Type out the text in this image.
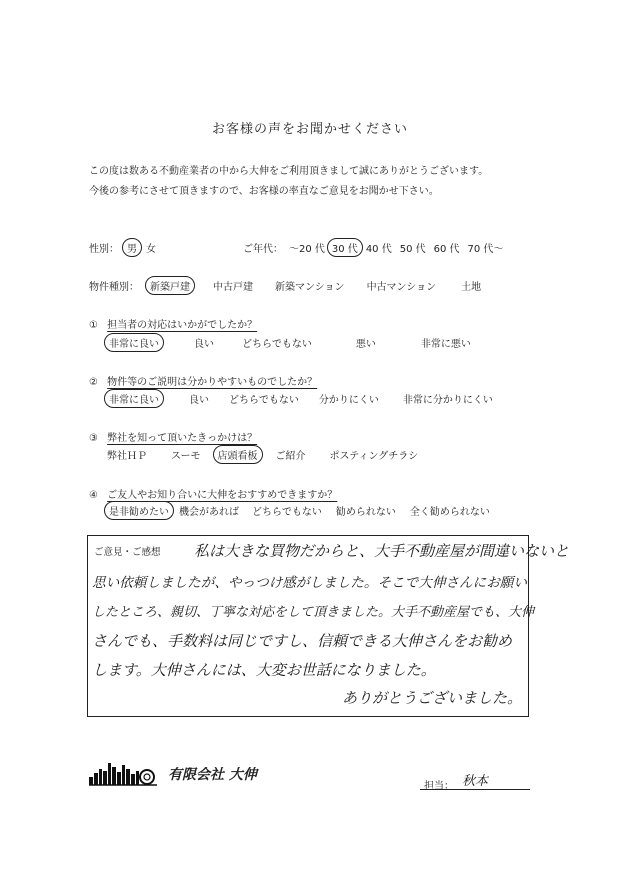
お客様の声をお聞かせください
この度は数ある不動産業者の中から大伸をご利用頂きまして誠にありがとうございます。
今後の参考にさせて頂きますので、お客様の率直なご意見をお聞かせ下さい。
性別： 男 女	ご年代： ～20 代 30 代 40 代 50 代 60 代 70 代～
物件種別：	新築戸建	中古戸建 新築マンション 中古マンション	土地
① 担当者の対応はいかがでしたか？
非常に良い	良い	どちらでもない	悪い	非常に悪い
② 物件等のご説明は分かりやすいものでしたか？
非常に良い	良い どちらでもない 分かりにくい 非常に分かりにくい
③ 弊社を知って頂いたきっかけは？
弊社ＨＰ スーモ	店頭看板	ご紹介 ポスティングチラシ
④ ご友人やお知り合いに大伸をおすすめできますか？
是非勧めたい	機会があれば どちらでもない 勧められない 全く勧められない
ご意見・ご感想 私は大きな買物だからと、大手不動産屋が間違いないと
思い依頼しましたが、やっつけ感がしました。そこで大伸さんにお願い
したところ、親切、丁寧な対応をして頂きました。大手不動産屋でも、大伸
さんでも、手数料は同じですし、信頼できる大伸さんをお勧め
します。大伸さんには、大変お世話になりました。
ありがとうございました。
有限会社 大伸
担当： 秋本
